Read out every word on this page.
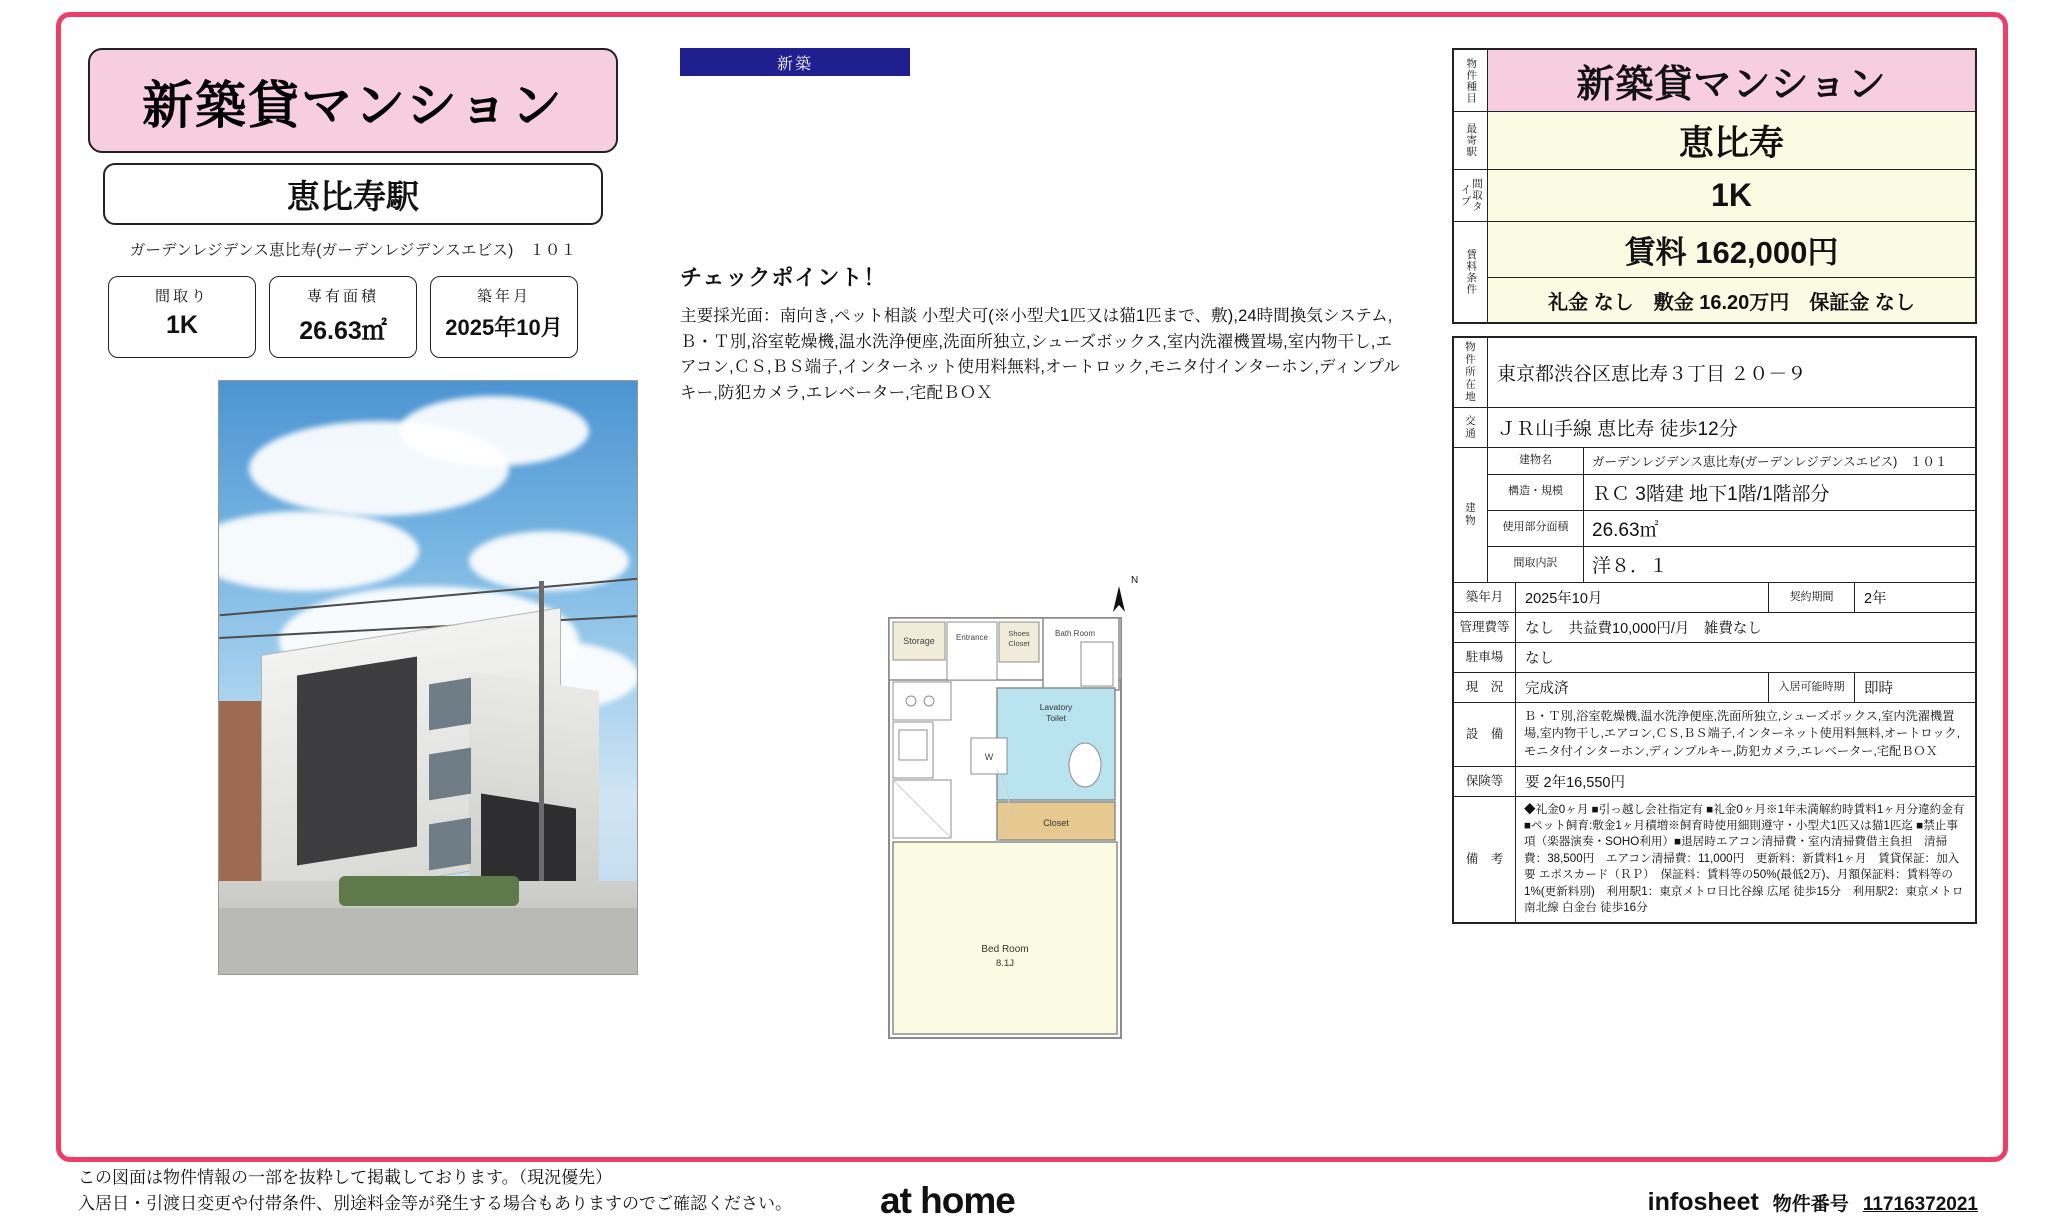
新築貸マンション
恵比寿駅
ガーデンレジデンス恵比寿(ガーデンレジデンスエビス)　１０１
間取り
1K
専有面積
26.63㎡
築年月
2025年10月
新築
チェックポイント！
主要採光面：南向き,ペット相談 小型犬可(※小型犬1匹又は猫1匹まで、敷),24時間換気システム,Ｂ・Ｔ別,浴室乾燥機,温水洗浄便座,洗面所独立,シューズボックス,室内洗濯機置場,室内物干し,エアコン,ＣＳ,ＢＳ端子,インターネット使用料無料,オートロック,モニタ付インターホン,ディンプルキー,防犯カメラ,エレベーター,宅配ＢＯＸ
Storage	Entrance	Shoes
Closet
Bath Room
Lavatory
Toilet
W
Closet
Bed Room
8.1J
N
物件種目	新築貸マンション
最寄駅	恵比寿
間取タイプ	1K
賃料条件	賃料 162,000円
礼金 なし　敷金 16.20万円　保証金 なし
物件所在地	東京都渋谷区恵比寿３丁目 ２０－９
交通	ＪＲ山手線 恵比寿 徒歩12分
建物
建物名	ガーデンレジデンス恵比寿(ガーデンレジデンスエビス)　１０１
構造・規模	ＲＣ 3階建 地下1階/1階部分
使用部分面積	26.63㎡
間取内訳	洋８．１
築年月	2025年10月	契約期間	2年
管理費等	なし　共益費10,000円/月　雑費なし
駐車場	なし
現　況	完成済	入居可能時期	即時
設　備
Ｂ・Ｔ別,浴室乾燥機,温水洗浄便座,洗面所独立,シューズボックス,室内洗濯機置場,室内物干し,エアコン,ＣＳ,ＢＳ端子,インターネット使用料無料,オートロック,モニタ付インターホン,ディンプルキー,防犯カメラ,エレベーター,宅配ＢＯＸ
保険等	要 2年16,550円
備　考
◆礼金0ヶ月 ■引っ越し会社指定有 ■礼金0ヶ月※1年未満解約時賃料1ヶ月分違約金有 ■ペット飼育:敷金1ヶ月積増※飼育時使用細則遵守・小型犬1匹又は猫1匹迄 ■禁止事項（楽器演奏・SOHO利用）■退居時エアコン清掃費・室内清掃費借主負担　清掃費：38,500円　エアコン清掃費：11,000円　更新料：新賃料1ヶ月　賃貸保証：加入要 エポスカード（ＲＰ）　保証料：賃料等の50%(最低2万)、月額保証料：賃料等の1%(更新料別)　利用駅1：東京メトロ日比谷線 広尾 徒歩15分　利用駅2：東京メトロ南北線 白金台 徒歩16分
この図面は物件情報の一部を抜粋して掲載しております。（現況優先）
入居日・引渡日変更や付帯条件、別途料金等が発生する場合もありますのでご確認ください。	at home	infosheet 物件番号 11716372021
